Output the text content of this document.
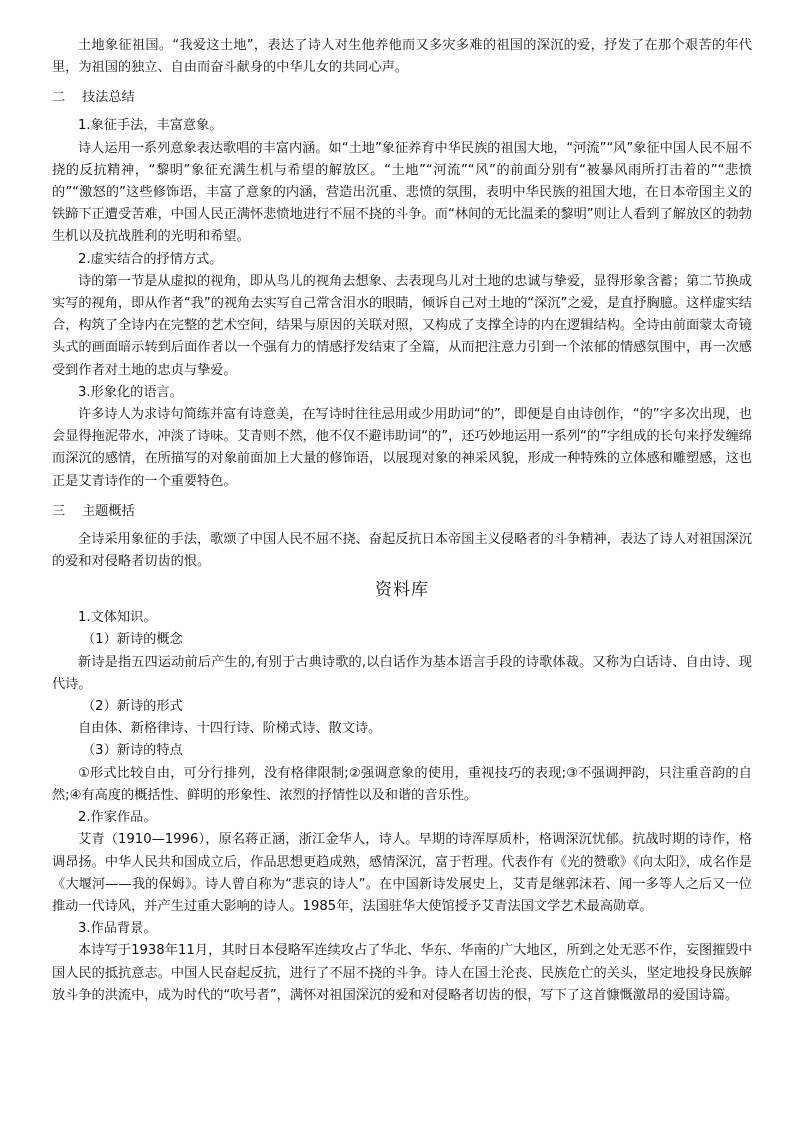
土地象征祖国。“我爱这土地”，表达了诗人对生他养他而又多灾多难的祖国的深沉的爱，抒发了在那个艰苦的年代里，为祖国的独立、自由而奋斗献身的中华儿女的共同心声。

二 技法总结

1.象征手法，丰富意象。

诗人运用一系列意象表达歌唱的丰富内涵。如“土地”象征养育中华民族的祖国大地，“河流”“风”象征中国人民不屈不挠的反抗精神，“黎明”象征充满生机与希望的解放区。“土地”“河流”“风”的前面分别有“被暴风雨所打击着的”“悲愤的”“激怒的”这些修饰语，丰富了意象的内涵，营造出沉重、悲愤的氛围，表明中华民族的祖国大地，在日本帝国主义的铁蹄下正遭受苦难，中国人民正满怀悲愤地进行不屈不挠的斗争。而“林间的无比温柔的黎明”则让人看到了解放区的勃勃生机以及抗战胜利的光明和希望。

2.虚实结合的抒情方式。

诗的第一节是从虚拟的视角，即从鸟儿的视角去想象、去表现鸟儿对土地的忠诚与挚爱，显得形象含蓄；第二节换成实写的视角，即从作者“我”的视角去实写自己常含泪水的眼睛，倾诉自己对土地的“深沉”之爱，是直抒胸臆。这样虚实结合，构筑了全诗内在完整的艺术空间，结果与原因的关联对照，又构成了支撑全诗的内在逻辑结构。全诗由前面蒙太奇镜头式的画面暗示转到后面作者以一个强有力的情感抒发结束了全篇，从而把注意力引到一个浓郁的情感氛围中，再一次感受到作者对土地的忠贞与挚爱。

3.形象化的语言。

许多诗人为求诗句简练并富有诗意美，在写诗时往往忌用或少用助词“的”，即便是自由诗创作，“的”字多次出现，也会显得拖泥带水，冲淡了诗味。艾青则不然，他不仅不避讳助词“的”，还巧妙地运用一系列“的”字组成的长句来抒发缠绵而深沉的感情，在所描写的对象前面加上大量的修饰语，以展现对象的神采风貌，形成一种特殊的立体感和雕塑感，这也正是艾青诗作的一个重要特色。

三 主题概括

全诗采用象征的手法，歌颂了中国人民不屈不挠、奋起反抗日本帝国主义侵略者的斗争精神，表达了诗人对祖国深沉的爱和对侵略者切齿的恨。

资料库

1.文体知识。

（1）新诗的概念

新诗是指五四运动前后产生的,有别于古典诗歌的,以白话作为基本语言手段的诗歌体裁。又称为白话诗、自由诗、现代诗。

（2）新诗的形式

自由体、新格律诗、十四行诗、阶梯式诗、散文诗。

（3）新诗的特点

①形式比较自由，可分行排列，没有格律限制;②强调意象的使用，重视技巧的表现;③不强调押韵，只注重音韵的自然;④有高度的概括性、鲜明的形象性、浓烈的抒情性以及和谐的音乐性。

2.作家作品。

艾青（1910—1996），原名蒋正涵，浙江金华人，诗人。早期的诗浑厚质朴，格调深沉忧郁。抗战时期的诗作，格调昂扬。中华人民共和国成立后，作品思想更趋成熟，感情深沉，富于哲理。代表作有《光的赞歌》《向太阳》，成名作是《大堰河——我的保姆》。诗人曾自称为“悲哀的诗人”。在中国新诗发展史上，艾青是继郭沫若、闻一多等人之后又一位推动一代诗风，并产生过重大影响的诗人。1985年，法国驻华大使馆授予艾青法国文学艺术最高勋章。

3.作品背景。

本诗写于1938年11月，其时日本侵略军连续攻占了华北、华东、华南的广大地区，所到之处无恶不作，妄图摧毁中国人民的抵抗意志。中国人民奋起反抗，进行了不屈不挠的斗争。诗人在国土沦丧、民族危亡的关头，坚定地投身民族解放斗争的洪流中，成为时代的“吹号者”，满怀对祖国深沉的爱和对侵略者切齿的恨，写下了这首慷慨激昂的爱国诗篇。
